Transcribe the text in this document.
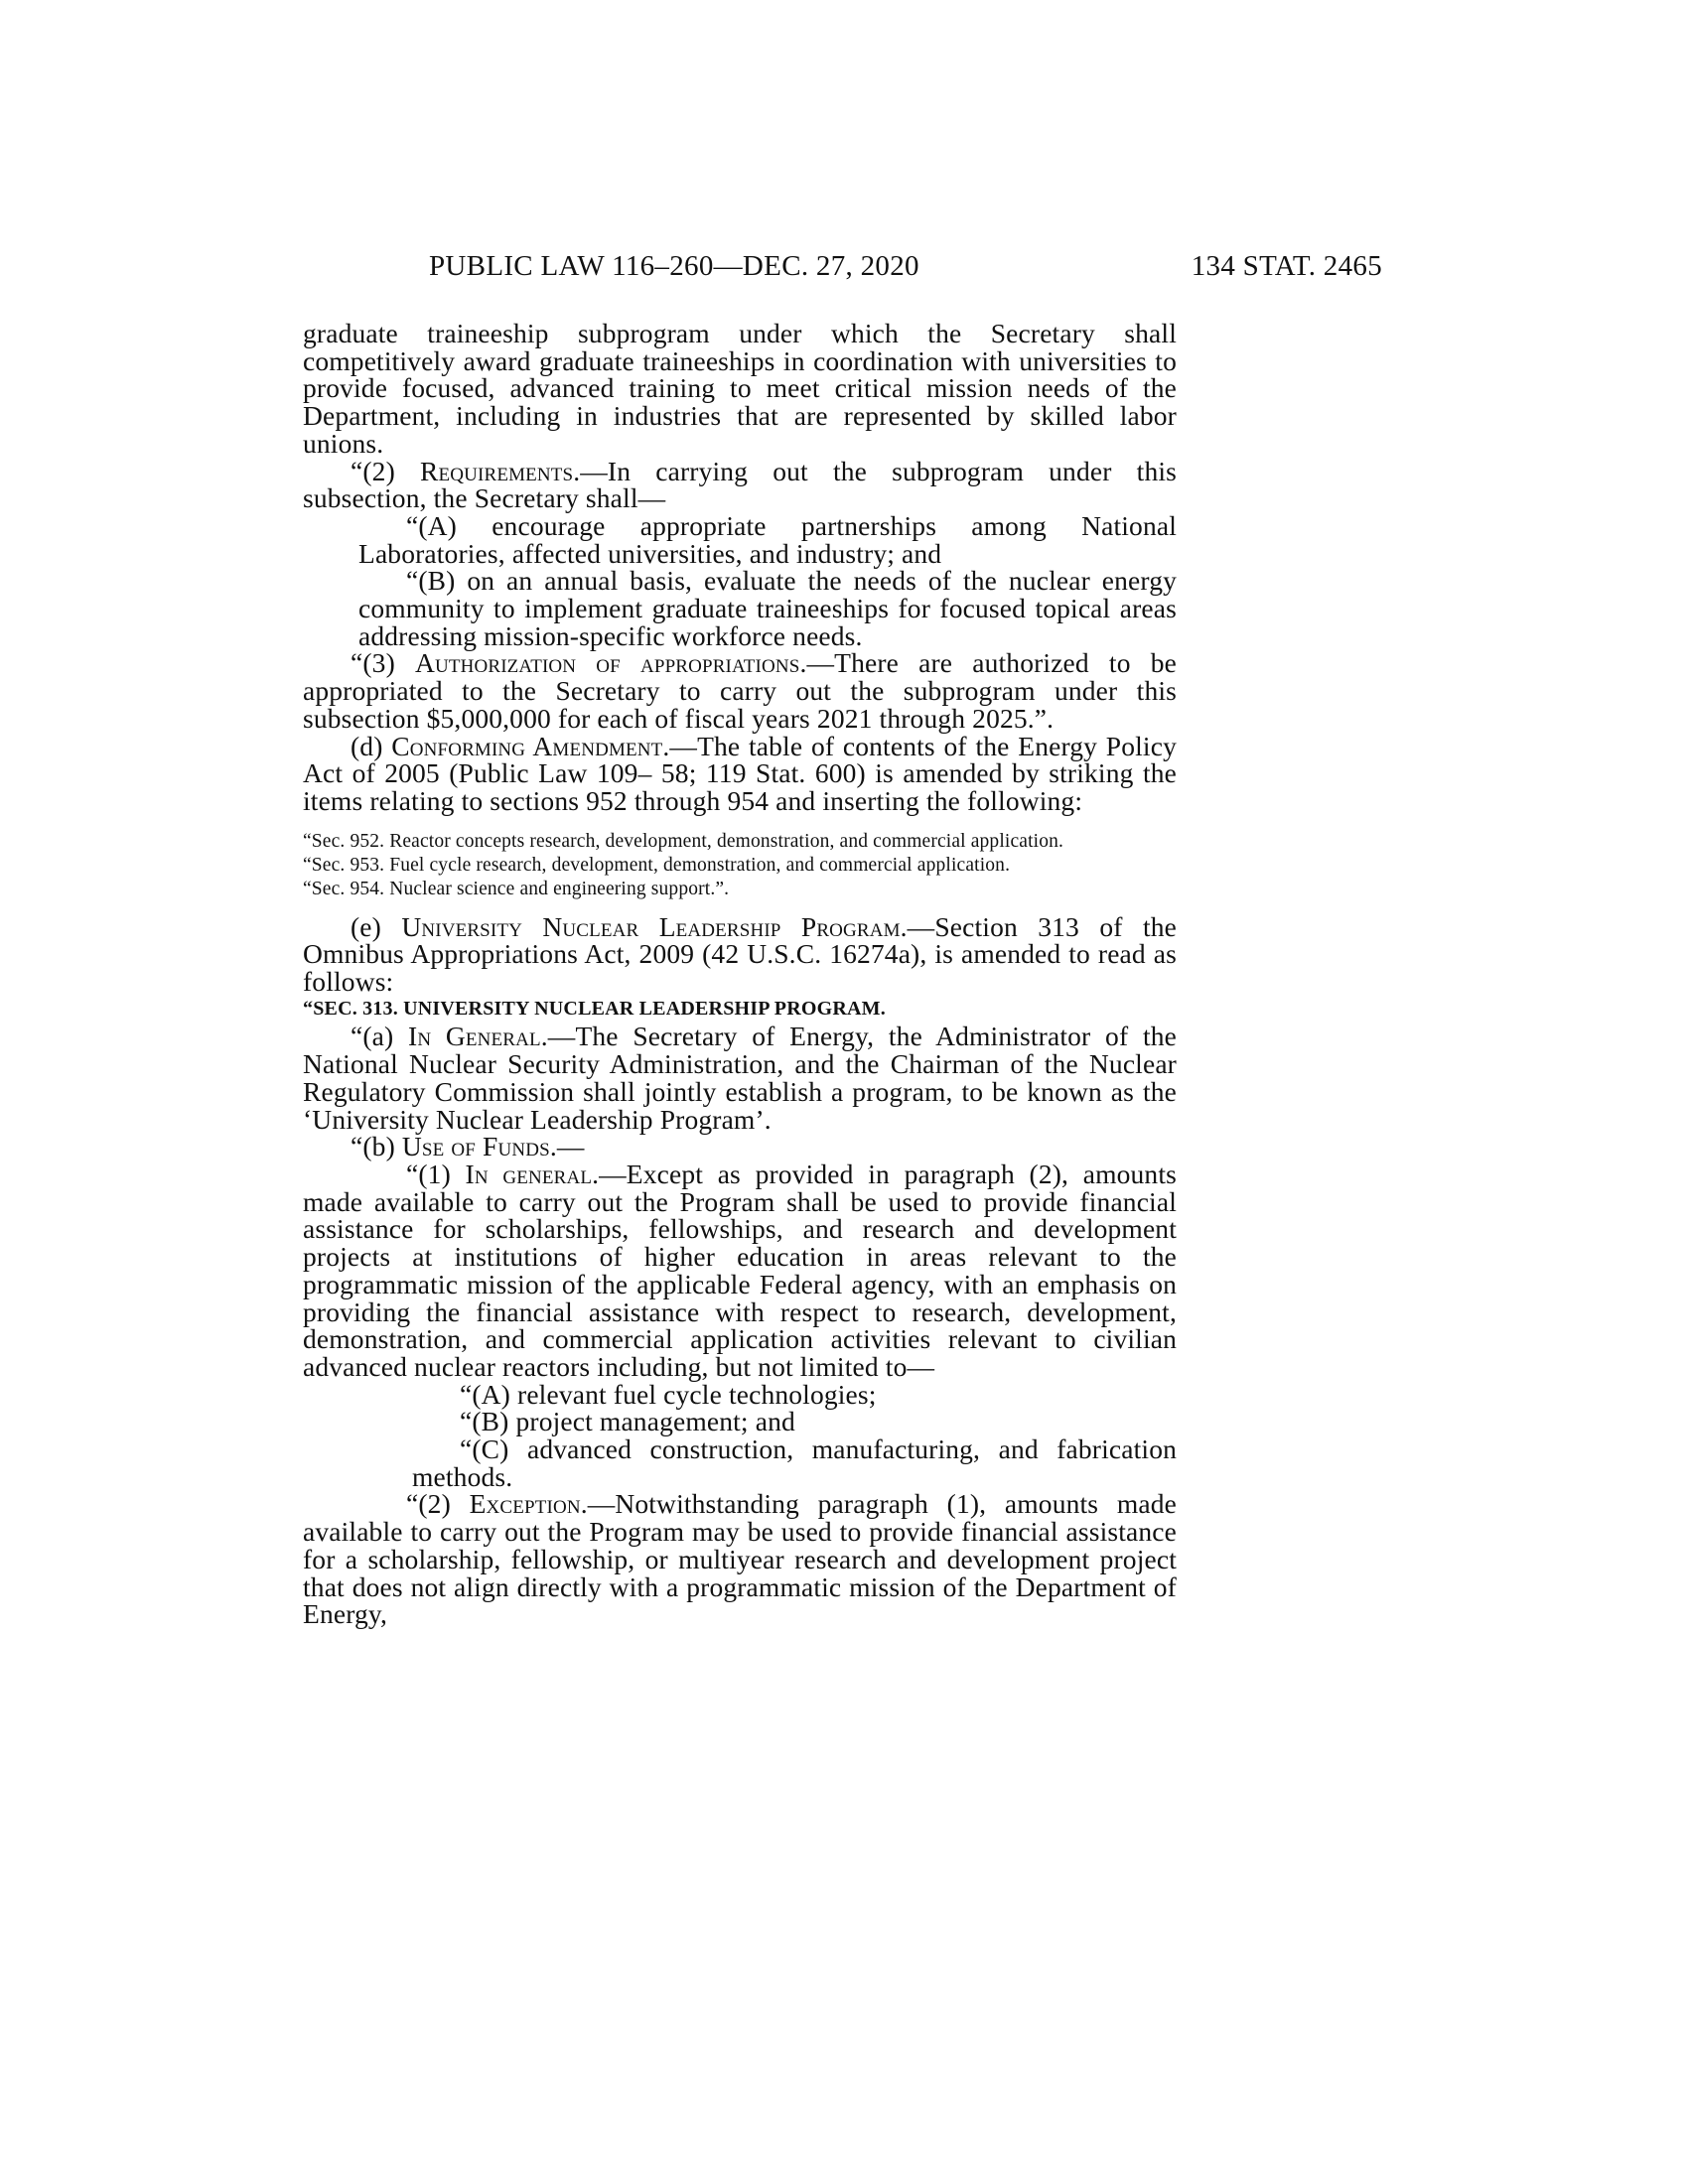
PUBLIC LAW 116–260—DEC. 27, 2020	134 STAT. 2465

graduate traineeship subprogram under which the Secretary shall competitively award graduate traineeships in coordination with universities to provide focused, advanced training to meet critical mission needs of the Department, including in industries that are represented by skilled labor unions.

“(2) Requirements.—In carrying out the subprogram under this subsection, the Secretary shall—

“(A) encourage appropriate partnerships among National Laboratories, affected universities, and industry; and

“(B) on an annual basis, evaluate the needs of the nuclear energy community to implement graduate traineeships for focused topical areas addressing mission-specific workforce needs.

“(3) Authorization of appropriations.—There are authorized to be appropriated to the Secretary to carry out the subprogram under this subsection $5,000,000 for each of fiscal years 2021 through 2025.”.

(d) Conforming Amendment.—The table of contents of the Energy Policy Act of 2005 (Public Law 109– 58; 119 Stat. 600) is amended by striking the items relating to sections 952 through 954 and inserting the following:

“Sec. 952. Reactor concepts research, development, demonstration, and commercial application.

“Sec. 953. Fuel cycle research, development, demonstration, and commercial application.

“Sec. 954. Nuclear science and engineering support.”.

(e) University Nuclear Leadership Program.—Section 313 of the Omnibus Appropriations Act, 2009 (42 U.S.C. 16274a), is amended to read as follows:

“SEC. 313. UNIVERSITY NUCLEAR LEADERSHIP PROGRAM.

“(a) In General.—The Secretary of Energy, the Administrator of the National Nuclear Security Administration, and the Chairman of the Nuclear Regulatory Commission shall jointly establish a program, to be known as the ‘University Nuclear Leadership Program’.

“(b) Use of Funds.—

“(1) In general.—Except as provided in paragraph (2), amounts made available to carry out the Program shall be used to provide financial assistance for scholarships, fellowships, and research and development projects at institutions of higher education in areas relevant to the programmatic mission of the applicable Federal agency, with an emphasis on providing the financial assistance with respect to research, development, demonstration, and commercial application activities relevant to civilian advanced nuclear reactors including, but not limited to—

“(A) relevant fuel cycle technologies;

“(B) project management; and

“(C) advanced construction, manufacturing, and fabrication methods.

“(2) Exception.—Notwithstanding paragraph (1), amounts made available to carry out the Program may be used to provide financial assistance for a scholarship, fellowship, or multiyear research and development project that does not align directly with a programmatic mission of the Department of Energy,
